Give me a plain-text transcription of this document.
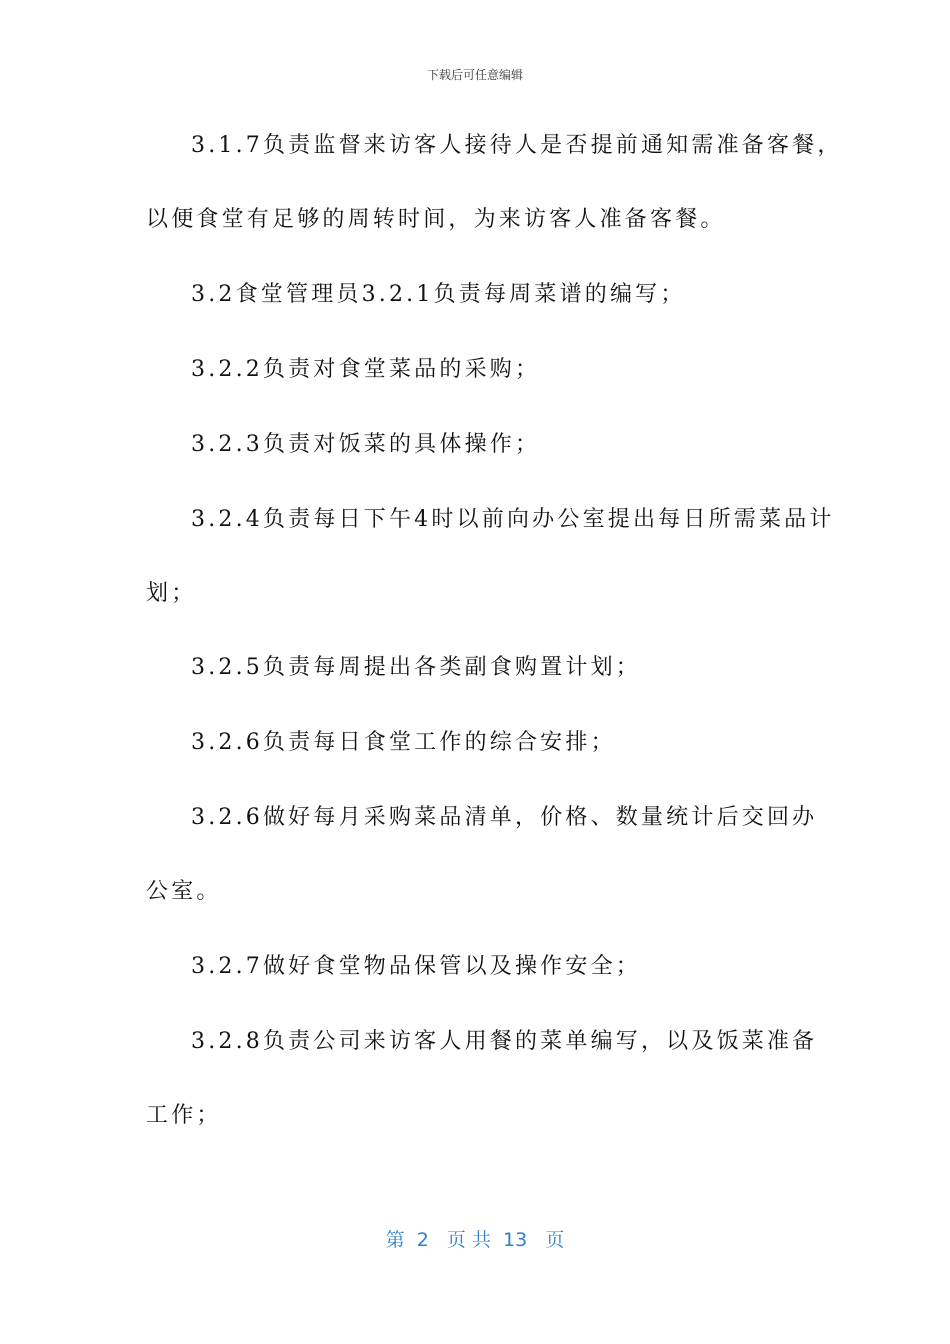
下载后可任意编辑
3.1.7负责监督来访客人接待人是否提前通知需准备客餐，
以便食堂有足够的周转时间，为来访客人准备客餐。
3.2食堂管理员3.2.1负责每周菜谱的编写；
3.2.2负责对食堂菜品的采购；
3.2.3负责对饭菜的具体操作；
3.2.4负责每日下午4时以前向办公室提出每日所需菜品计
划；
3.2.5负责每周提出各类副食购置计划；
3.2.6负责每日食堂工作的综合安排；
3.2.6做好每月采购菜品清单，价格、数量统计后交回办
公室。
3.2.7做好食堂物品保管以及操作安全；
3.2.8负责公司来访客人用餐的菜单编写，以及饭菜准备
工作；
第  2   页 共  13   页
